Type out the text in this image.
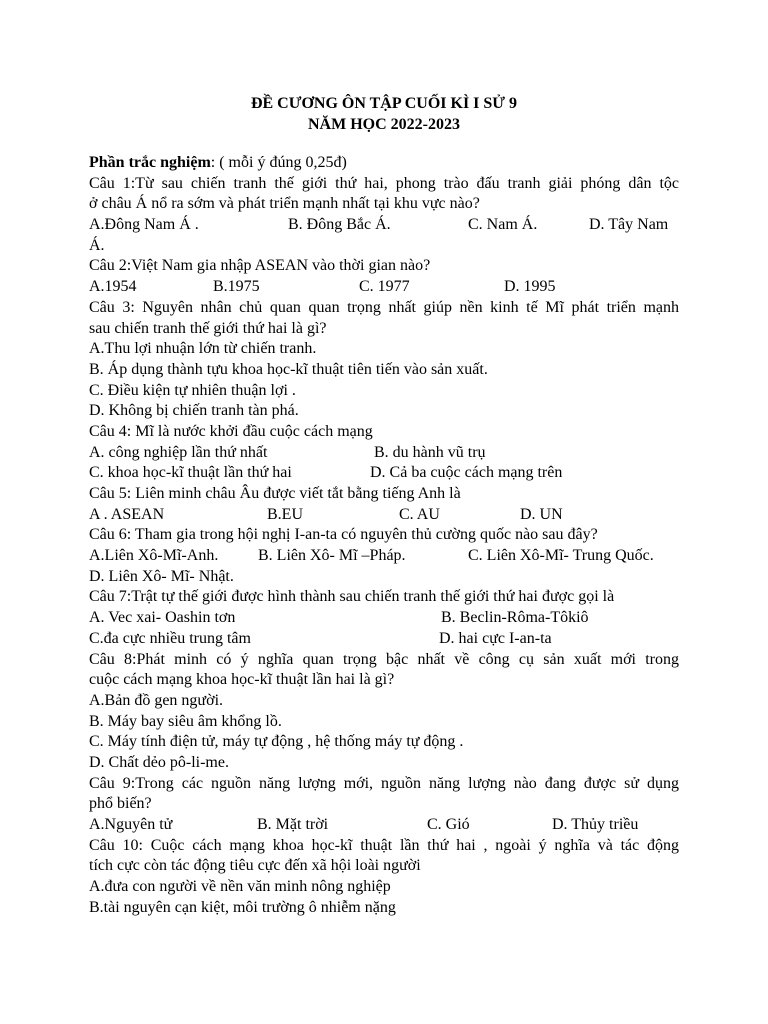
ĐỀ CƯƠNG ÔN TẬP CUỐI KÌ I SỬ 9
NĂM HỌC 2022-2023
Phần trắc nghiệm: ( mỗi ý đúng 0,25đ)
Câu 1:Từ sau chiến tranh thế giới thứ hai, phong trào đấu tranh giải phóng dân tộc
ở châu Á nổ ra sớm và phát triển mạnh nhất tại khu vực nào?
A.Đông Nam Á .	B. Đông Bắc Á.	C. Nam Á.	D. Tây Nam
Á.
Câu 2:Việt Nam gia nhập ASEAN vào thời gian nào?
A.1954	B.1975	C. 1977	D. 1995
Câu 3: Nguyên nhân chủ quan quan trọng nhất giúp nền kinh tế Mĩ phát triển mạnh
sau chiến tranh thế giới thứ hai là gì?
A.Thu lợi nhuận lớn từ chiến tranh.
B. Áp dụng thành tựu khoa học-kĩ thuật tiên tiến vào sản xuất.
C. Điều kiện tự nhiên thuận lợi .
D. Không bị chiến tranh tàn phá.
Câu 4: Mĩ là nước khởi đầu cuộc cách mạng
A. công nghiệp lần thứ nhất	B. du hành vũ trụ
C. khoa học-kĩ thuật lần thứ hai	D. Cả ba cuộc cách mạng trên
Câu 5: Liên minh châu Âu được viết tắt bằng tiếng Anh là
A . ASEAN	B.EU	C. AU	D. UN
Câu 6: Tham gia trong hội nghị I-an-ta có nguyên thủ cường quốc nào sau đây?
A.Liên Xô-Mĩ-Anh. B. Liên Xô- Mĩ –Pháp.	C. Liên Xô-Mĩ- Trung Quốc.
D. Liên Xô- Mĩ- Nhật.
Câu 7:Trật tự thế giới được hình thành sau chiến tranh thế giới thứ hai được gọi là
A. Vec xai- Oashin tơn	B. Beclin-Rôma-Tôkiô
C.đa cực nhiều trung tâm	D. hai cực I-an-ta
Câu 8:Phát minh có ý nghĩa quan trọng bậc nhất về công cụ sản xuất mới trong
cuộc cách mạng khoa học-kĩ thuật lần hai là gì?
A.Bản đồ gen người.
B. Máy bay siêu âm khổng lồ.
C. Máy tính điện tử, máy tự động , hệ thống máy tự động .
D. Chất dẻo pô-li-me.
Câu 9:Trong các nguồn năng lượng mới, nguồn năng lượng nào đang được sử dụng
phổ biến?
A.Nguyên tử	B. Mặt trời	C. Gió	D. Thủy triều
Câu 10: Cuộc cách mạng khoa học-kĩ thuật lần thứ hai , ngoài ý nghĩa và tác động
tích cực còn tác động tiêu cực đến xã hội loài người
A.đưa con người về nền văn minh nông nghiệp
B.tài nguyên cạn kiệt, môi trường ô nhiễm nặng
